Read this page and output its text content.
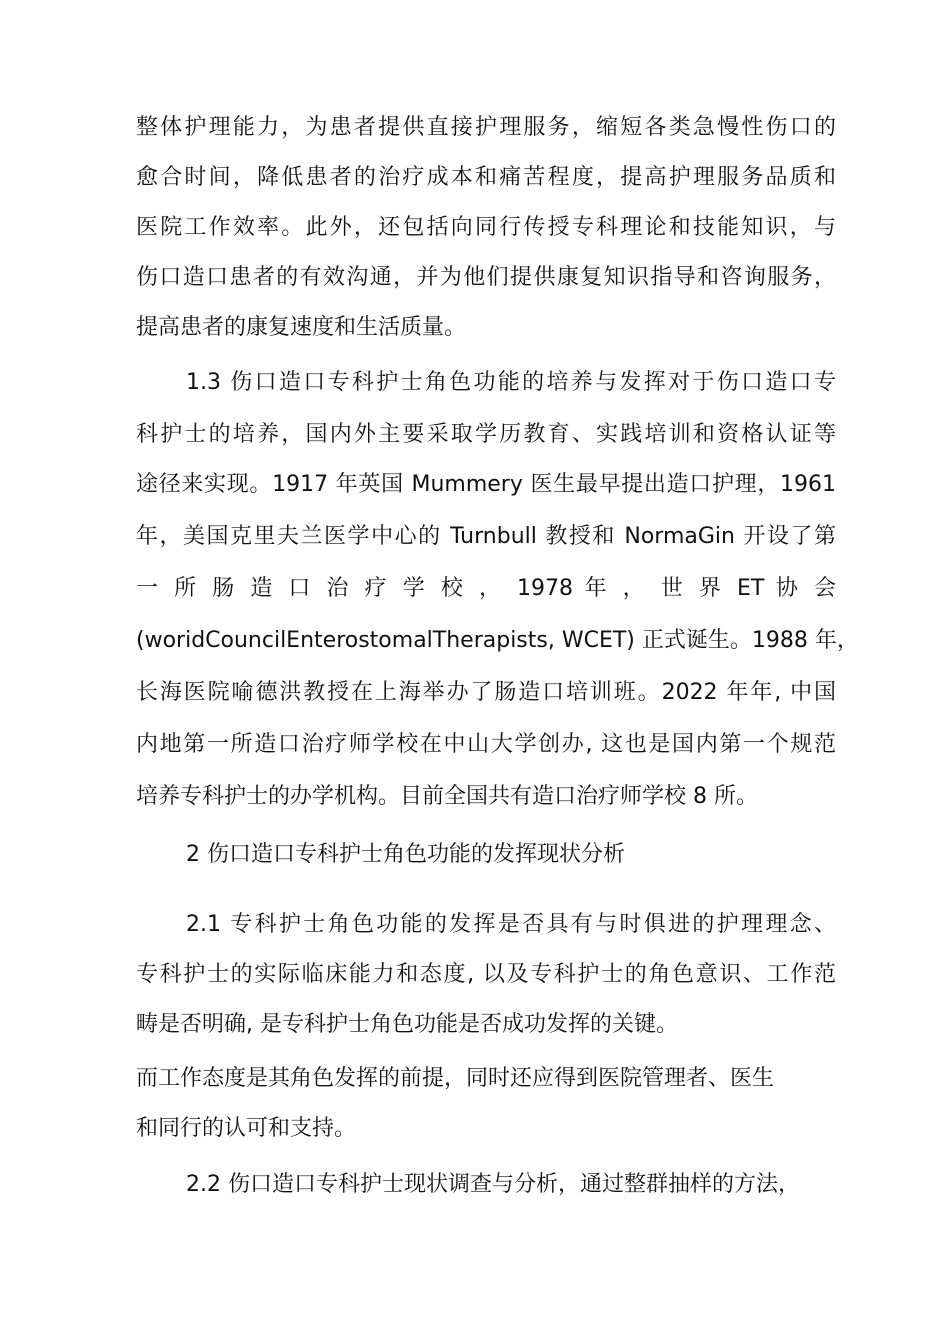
整体护理能力，为患者提供直接护理服务，缩短各类急慢性伤口的
愈合时间，降低患者的治疗成本和痛苦程度，提高护理服务品质和
医院工作效率。此外，还包括向同行传授专科理论和技能知识，与
伤口造口患者的有效沟通，并为他们提供康复知识指导和咨询服务，
提高患者的康复速度和生活质量。
1.3 伤口造口专科护士角色功能的培养与发挥对于伤口造口专
科护士的培养，国内外主要采取学历教育、实践培训和资格认证等
途径来实现。1917 年英国 Mummery 医生最早提出造口护理，1961
年，美国克里夫兰医学中心的 Turnbull 教授和 NormaGin 开设了第
一 所 肠 造 口 治 疗 学 校 ， 1978 年 ， 世 界 ET 协 会
(woridCouncilEnterostomalTherapists, WCET) 正式诞生。1988 年，
长海医院喻德洪教授在上海举办了肠造口培训班。2022 年年, 中国
内地第一所造口治疗师学校在中山大学创办, 这也是国内第一个规范
培养专科护士的办学机构。目前全国共有造口治疗师学校 8 所。
2 伤口造口专科护士角色功能的发挥现状分析
2.1 专科护士角色功能的发挥是否具有与时俱进的护理理念、
专科护士的实际临床能力和态度, 以及专科护士的角色意识、工作范
畴是否明确, 是专科护士角色功能是否成功发挥的关键。
而工作态度是其角色发挥的前提，同时还应得到医院管理者、医生
和同行的认可和支持。
2.2 伤口造口专科护士现状调查与分析，通过整群抽样的方法，
